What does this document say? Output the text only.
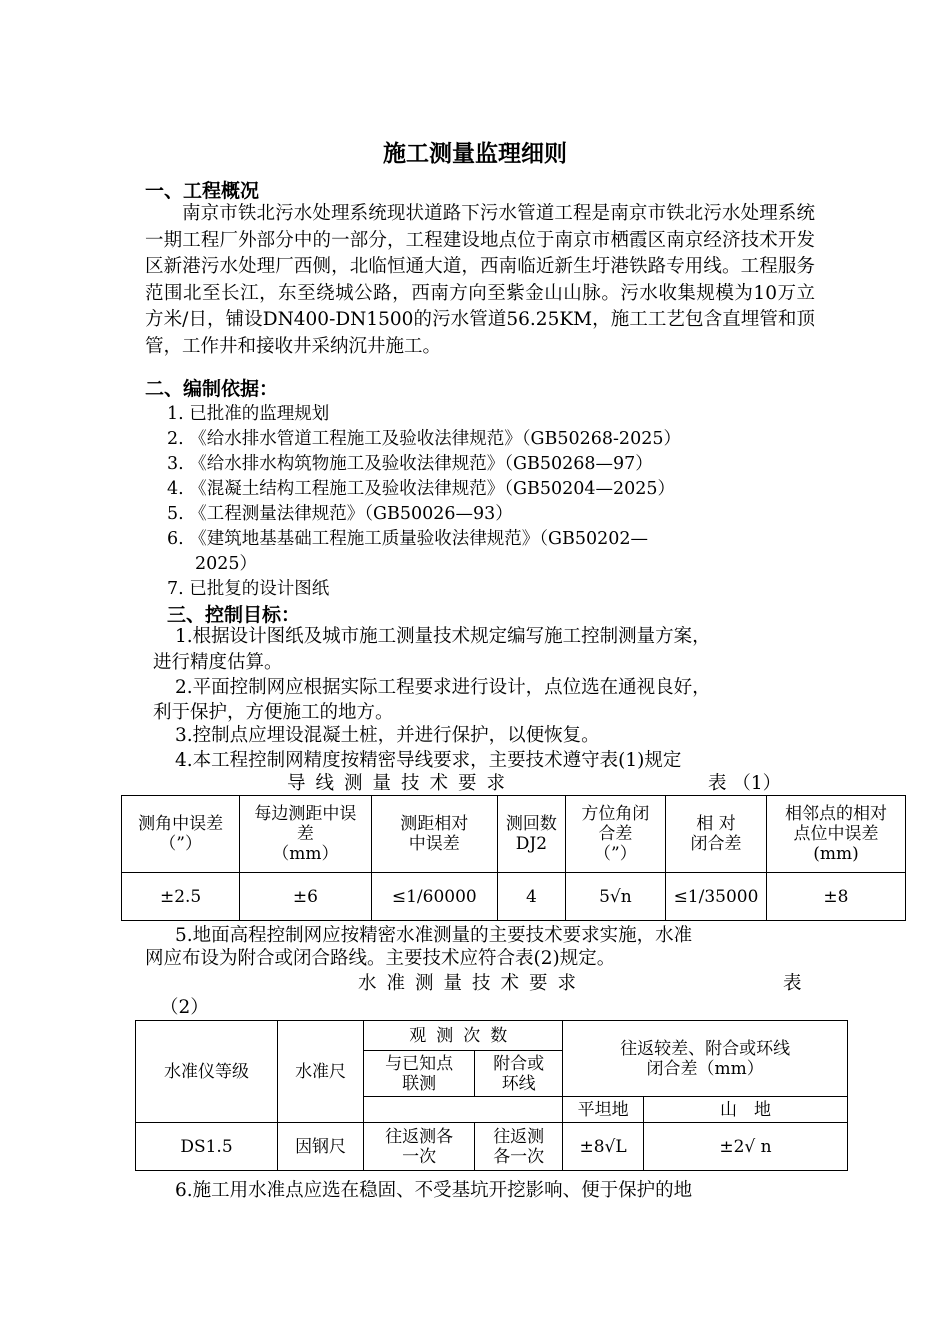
施工测量监理细则
一、工程概况
南京市铁北污水处理系统现状道路下污水管道工程是南京市铁北污水处理系统一期工程厂外部分中的一部分，工程建设地点位于南京市栖霞区南京经济技术开发区新港污水处理厂西侧，北临恒通大道，西南临近新生圩港铁路专用线。工程服务范围北至长江，东至绕城公路，西南方向至紫金山山脉。污水收集规模为10万立方米/日，铺设DN400-DN1500的污水管道56.25KM，施工工艺包含直埋管和顶管，工作井和接收井采纳沉井施工。
二、编制依据：
1. 已批准的监理规划
2. 《给水排水管道工程施工及验收法律规范》（GB50268-2025）
3. 《给水排水构筑物施工及验收法律规范》（GB50268—97）
4. 《混凝土结构工程施工及验收法律规范》（GB50204—2025）
5. 《工程测量法律规范》（GB50026—93）
6. 《建筑地基基础工程施工质量验收法律规范》（GB50202—
2025）
7. 已批复的设计图纸
三、控制目标：
1.根据设计图纸及城市施工测量技术规定编写施工控制测量方案，
进行精度估算。
2.平面控制网应根据实际工程要求进行设计，点位选在通视良好，
利于保护，方便施工的地方。
3.控制点应埋设混凝土桩，并进行保护，以便恢复。
4.本工程控制网精度按精密导线要求，主要技术遵守表(1)规定
导线测量技术要求	表 （1）
测角中误差
（”）	每边测距中误
差
（mm）	测距相对
中误差	测回数
DJ2	方位角闭
合差
（”）	相 对
闭合差	相邻点的相对
点位中误差
(mm)
±2.5	±6	≤1/60000	4	5√n	≤1/35000	±8
5.地面高程控制网应按精密水准测量的主要技术要求实施，水准
网应布设为附合或闭合路线。主要技术应符合表(2)规定。
水准测量技术要求	表
（2）
水准仪等级	水准尺	观测次数		往返较差、附合或环线
闭合差（mm）	
		与已知点
联测	附合或
环线		
				平坦地	山　地
DS1.5	因钢尺	往返测各
一次	往返测
各一次	±8√L	±2√ n
6.施工用水准点应选在稳固、不受基坑开挖影响、便于保护的地
